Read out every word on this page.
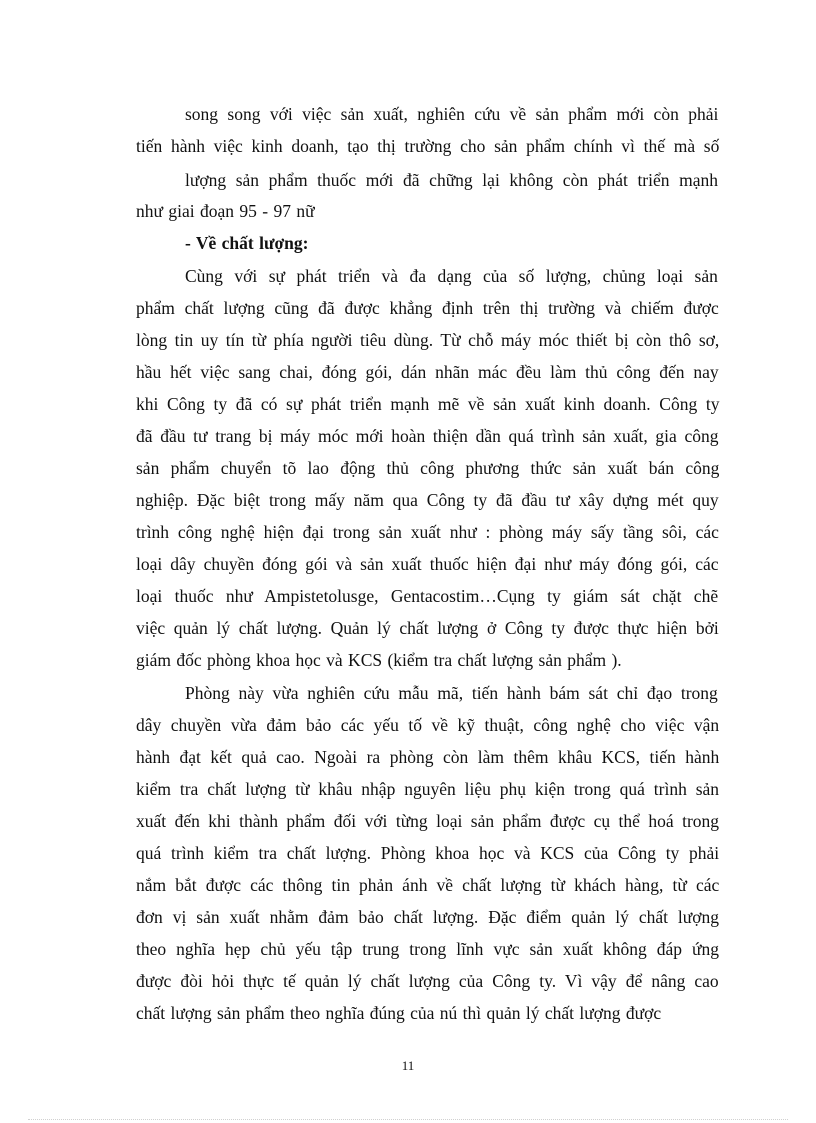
song song với việc sản xuất, nghiên cứu về sản phẩm mới còn phải
tiến hành việc kinh doanh, tạo thị trường cho sản phẩm chính vì thế mà số
lượng sản phẩm thuốc mới đã chững lại không còn phát triển mạnh
như giai đoạn 95 - 97 nữ
- Về chất lượng:
Cùng với sự phát triển và đa dạng của số lượng, chủng loại sản
phẩm chất lượng cũng đã được khẳng định trên thị trường và chiếm được
lòng tin uy tín từ phía người tiêu dùng. Từ chỗ máy móc thiết bị còn thô sơ,
hầu hết việc sang chai, đóng gói, dán nhãn mác đều làm thủ công đến nay
khi Công ty đã có sự phát triển mạnh mẽ về sản xuất kinh doanh. Công ty
đã đầu tư trang bị máy móc mới hoàn thiện dần quá trình sản xuất, gia công
sản phẩm chuyển tõ lao động thủ công phương thức sản xuất bán công
nghiệp. Đặc biệt trong mấy năm qua Công ty đã đầu tư xây dựng mét quy
trình công nghệ hiện đại trong sản xuất như : phòng máy sấy tầng sôi, các
loại dây chuyền đóng gói và sản xuất thuốc hiện đại như máy đóng gói, các
loại thuốc như Ampistetolusge, Gentacostim…Cụng ty giám sát chặt chẽ
việc quản lý chất lượng. Quản lý chất lượng ở Công ty được thực hiện bởi
giám đốc phòng khoa học và KCS (kiểm tra chất lượng sản phẩm ).
Phòng này vừa nghiên cứu mẫu mã, tiến hành bám sát chỉ đạo trong
dây chuyền vừa đảm bảo các yếu tố về kỹ thuật, công nghệ cho việc vận
hành đạt kết quả cao. Ngoài ra phòng còn làm thêm khâu KCS, tiến hành
kiểm tra chất lượng từ khâu nhập nguyên liệu phụ kiện trong quá trình sản
xuất đến khi thành phẩm đối với từng loại sản phẩm được cụ thể hoá trong
quá trình kiểm tra chất lượng. Phòng khoa học và KCS của Công ty phải
nắm bắt được các thông tin phản ánh về chất lượng từ khách hàng, từ các
đơn vị sản xuất nhằm đảm bảo chất lượng. Đặc điểm quản lý chất lượng
theo nghĩa hẹp chủ yếu tập trung trong lĩnh vực sản xuất không đáp ứng
được đòi hỏi thực tế quản lý chất lượng của Công ty. Vì vậy để nâng cao
chất lượng sản phẩm theo nghĩa đúng của nú thì quản lý chất lượng được
11
